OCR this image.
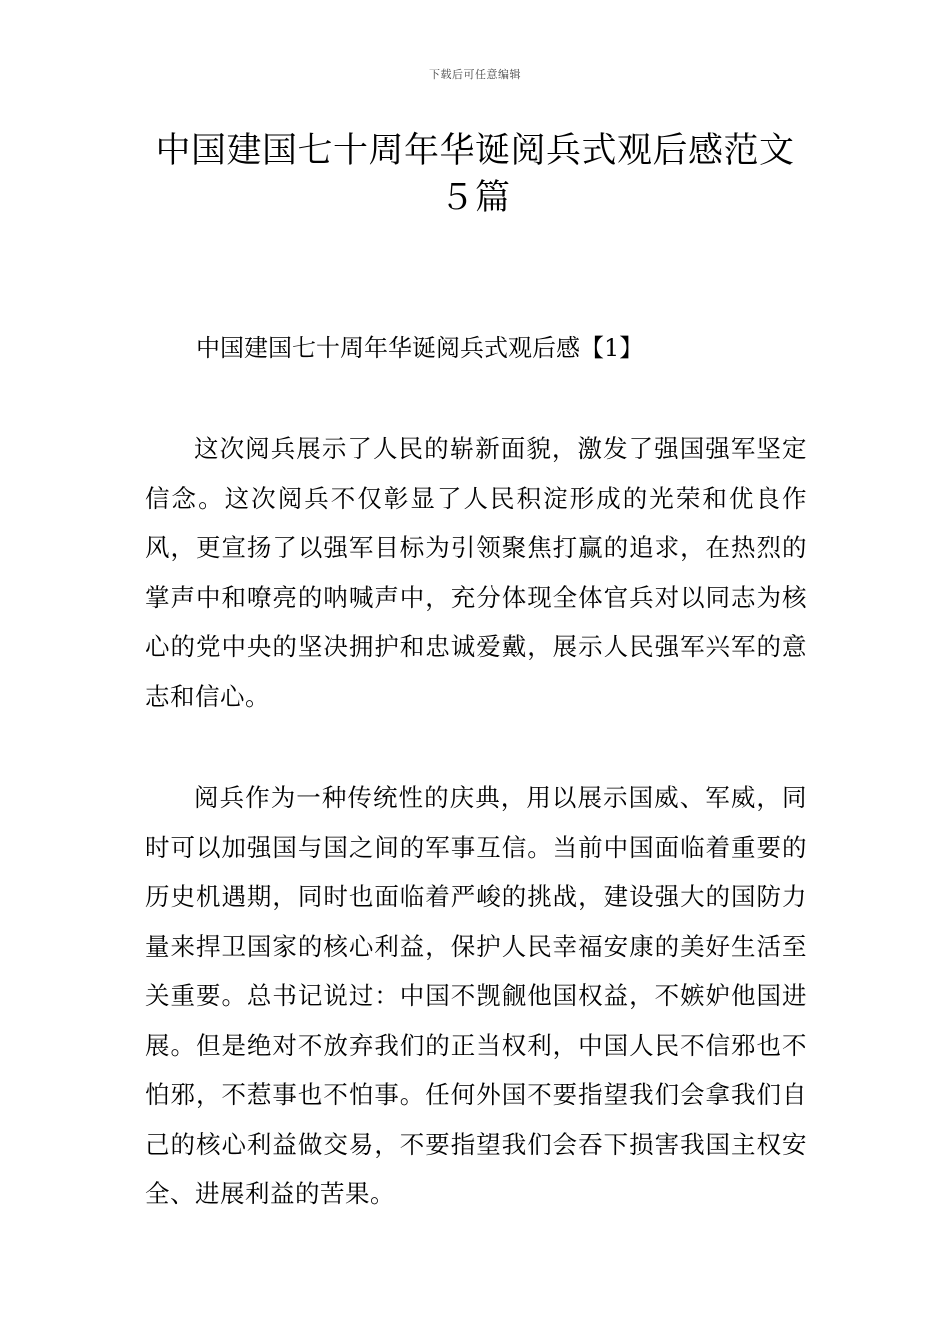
下载后可任意编辑
中国建国七十周年华诞阅兵式观后感范文５篇
中国建国七十周年华诞阅兵式观后感【1】

这次阅兵展示了人民的崭新面貌，激发了强国强军坚定信念。这次阅兵不仅彰显了人民积淀形成的光荣和优良作风，更宣扬了以强军目标为引领聚焦打赢的追求，在热烈的掌声中和嘹亮的呐喊声中，充分体现全体官兵对以同志为核心的党中央的坚决拥护和忠诚爱戴，展示人民强军兴军的意志和信心。

阅兵作为一种传统性的庆典，用以展示国威、军威，同时可以加强国与国之间的军事互信。当前中国面临着重要的历史机遇期，同时也面临着严峻的挑战，建设强大的国防力量来捍卫国家的核心利益，保护人民幸福安康的美好生活至关重要。总书记说过：中国不觊觎他国权益，不嫉妒他国进展。但是绝对不放弃我们的正当权利，中国人民不信邪也不怕邪，不惹事也不怕事。任何外国不要指望我们会拿我们自己的核心利益做交易，不要指望我们会吞下损害我国主权安全、进展利益的苦果。
